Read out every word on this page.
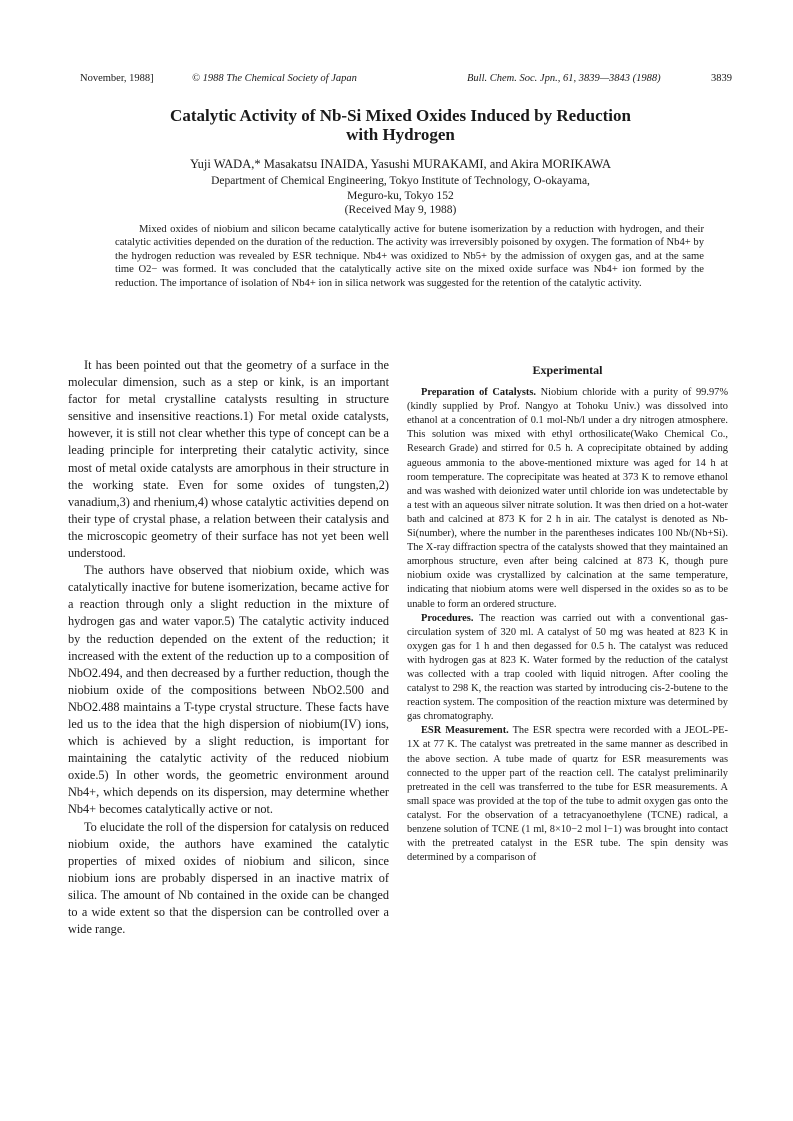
November, 1988]	© 1988 The Chemical Society of Japan	Bull. Chem. Soc. Jpn., 61, 3839—3843 (1988)	3839
Catalytic Activity of Nb-Si Mixed Oxides Induced by Reduction
with Hydrogen
Yuji WADA,* Masakatsu INAIDA, Yasushi MURAKAMI, and Akira MORIKAWA
Department of Chemical Engineering, Tokyo Institute of Technology, O-okayama,
Meguro-ku, Tokyo 152
(Received May 9, 1988)

Mixed oxides of niobium and silicon became catalytically active for butene isomerization by a reduction with hydrogen, and their catalytic activities depended on the duration of the reduction. The activity was irreversibly poisoned by oxygen. The formation of Nb4+ by the hydrogen reduction was revealed by ESR technique. Nb4+ was oxidized to Nb5+ by the admission of oxygen gas, and at the same time O2− was formed. It was concluded that the catalytically active site on the mixed oxide surface was Nb4+ ion formed by the reduction. The importance of isolation of Nb4+ ion in silica network was suggested for the retention of the catalytic activity.

It has been pointed out that the geometry of a surface in the molecular dimension, such as a step or kink, is an important factor for metal crystalline catalysts resulting in structure sensitive and insensitive reactions.1) For metal oxide catalysts, however, it is still not clear whether this type of concept can be a leading principle for interpreting their catalytic activity, since most of metal oxide catalysts are amorphous in their structure in the working state. Even for some oxides of tungsten,2) vanadium,3) and rhenium,4) whose catalytic activities depend on their type of crystal phase, a relation between their catalysis and the microscopic geometry of their surface has not yet been well understood.

The authors have observed that niobium oxide, which was catalytically inactive for butene isomerization, became active for a reaction through only a slight reduction in the mixture of hydrogen gas and water vapor.5) The catalytic activity induced by the reduction depended on the extent of the reduction; it increased with the extent of the reduction up to a composition of NbO2.494, and then decreased by a further reduction, though the niobium oxide of the compositions between NbO2.500 and NbO2.488 maintains a T-type crystal structure. These facts have led us to the idea that the high dispersion of niobium(IV) ions, which is achieved by a slight reduction, is important for maintaining the catalytic activity of the reduced niobium oxide.5) In other words, the geometric environment around Nb4+, which depends on its dispersion, may determine whether Nb4+ becomes catalytically active or not.

To elucidate the roll of the dispersion for catalysis on reduced niobium oxide, the authors have examined the catalytic properties of mixed oxides of niobium and silicon, since niobium ions are probably dispersed in an inactive matrix of silica. The amount of Nb contained in the oxide can be changed to a wide extent so that the dispersion can be controlled over a wide range.

Experimental

Preparation of Catalysts. Niobium chloride with a purity of 99.97% (kindly supplied by Prof. Nangyo at Tohoku Univ.) was dissolved into ethanol at a concentration of 0.1 mol-Nb/l under a dry nitrogen atmosphere. This solution was mixed with ethyl orthosilicate(Wako Chemical Co., Research Grade) and stirred for 0.5 h. A coprecipitate obtained by adding agueous ammonia to the above-mentioned mixture was aged for 14 h at room temperature. The coprecipitate was heated at 373 K to remove ethanol and was washed with deionized water until chloride ion was undetectable by a test with an aqueous silver nitrate solution. It was then dried on a hot-water bath and calcined at 873 K for 2 h in air. The catalyst is denoted as Nb-Si(number), where the number in the parentheses indicates 100 Nb/(Nb+Si). The X-ray diffraction spectra of the catalysts showed that they maintained an amorphous structure, even after being calcined at 873 K, though pure niobium oxide was crystallized by calcination at the same temperature, indicating that niobium atoms were well dispersed in the oxides so as to be unable to form an ordered structure.

Procedures. The reaction was carried out with a conventional gas-circulation system of 320 ml. A catalyst of 50 mg was heated at 823 K in oxygen gas for 1 h and then degassed for 0.5 h. The catalyst was reduced with hydrogen gas at 823 K. Water formed by the reduction of the catalyst was collected with a trap cooled with liquid nitrogen. After cooling the catalyst to 298 K, the reaction was started by introducing cis-2-butene to the reaction system. The composition of the reaction mixture was determined by gas chromatography.

ESR Measurement. The ESR spectra were recorded with a JEOL-PE-1X at 77 K. The catalyst was pretreated in the same manner as described in the above section. A tube made of quartz for ESR measurements was connected to the upper part of the reaction cell. The catalyst preliminarily pretreated in the cell was transferred to the tube for ESR measurements. A small space was provided at the top of the tube to admit oxygen gas onto the catalyst. For the observation of a tetracyanoethylene (TCNE) radical, a benzene solution of TCNE (1 ml, 8×10−2 mol l−1) was brought into contact with the pretreated catalyst in the ESR tube. The spin density was determined by a comparison of
